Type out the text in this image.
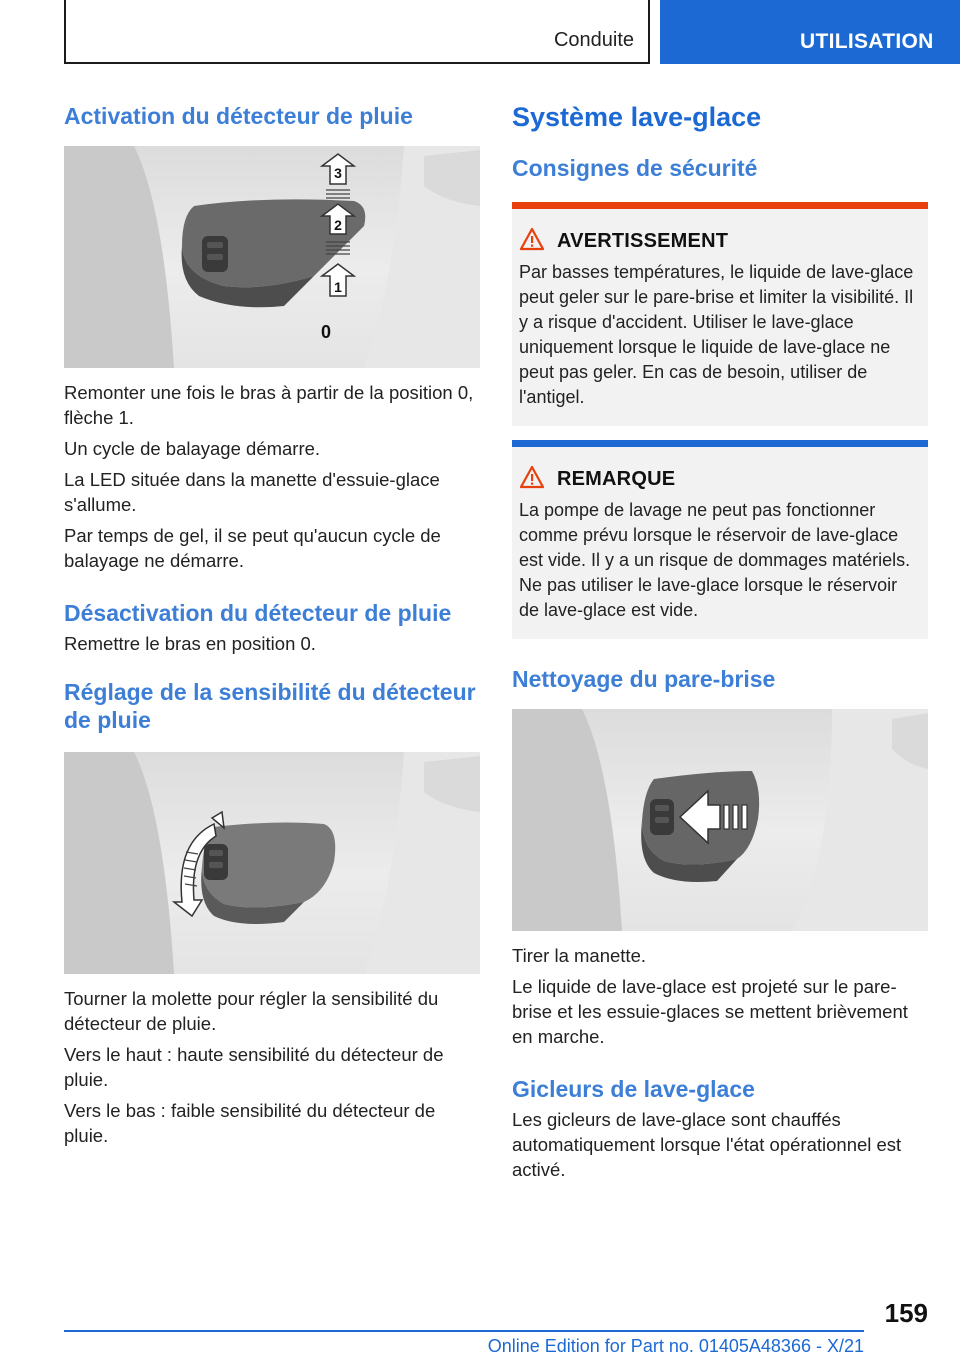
Conduite	UTILISATION
Activation du détecteur de pluie
3
2
1
0

Remonter une fois le bras à partir de la position 0, flèche 1.

Un cycle de balayage démarre.

La LED située dans la manette d'essuie-glace s'allume.

Par temps de gel, il se peut qu'aucun cycle de balayage ne démarre.

Désactivation du détecteur de pluie

Remettre le bras en position 0.

Réglage de la sensibilité du détecteur de pluie

Tourner la molette pour régler la sensibilité du détecteur de pluie.

Vers le haut : haute sensibilité du détecteur de pluie.

Vers le bas : faible sensibilité du détecteur de pluie.

Système lave-glace
Consignes de sécurité
AVERTISSEMENT

Par basses températures, le liquide de lave-glace peut geler sur le pare-brise et limiter la visibilité. Il y a risque d'accident. Utiliser le lave-glace uniquement lorsque le liquide de lave-glace ne peut pas geler. En cas de besoin, utiliser de l'antigel.

REMARQUE

La pompe de lavage ne peut pas fonctionner comme prévu lorsque le réservoir de lave-glace est vide. Il y a un risque de dommages matériels. Ne pas utiliser le lave-glace lorsque le réservoir de lave-glace est vide.

Nettoyage du pare-brise

Tirer la manette.

Le liquide de lave-glace est projeté sur le pare-brise et les essuie-glaces se mettent brièvement en marche.

Gicleurs de lave-glace

Les gicleurs de lave-glace sont chauffés automatiquement lorsque l'état opérationnel est activé.

159
Online Edition for Part no. 01405A48366 - X/21
